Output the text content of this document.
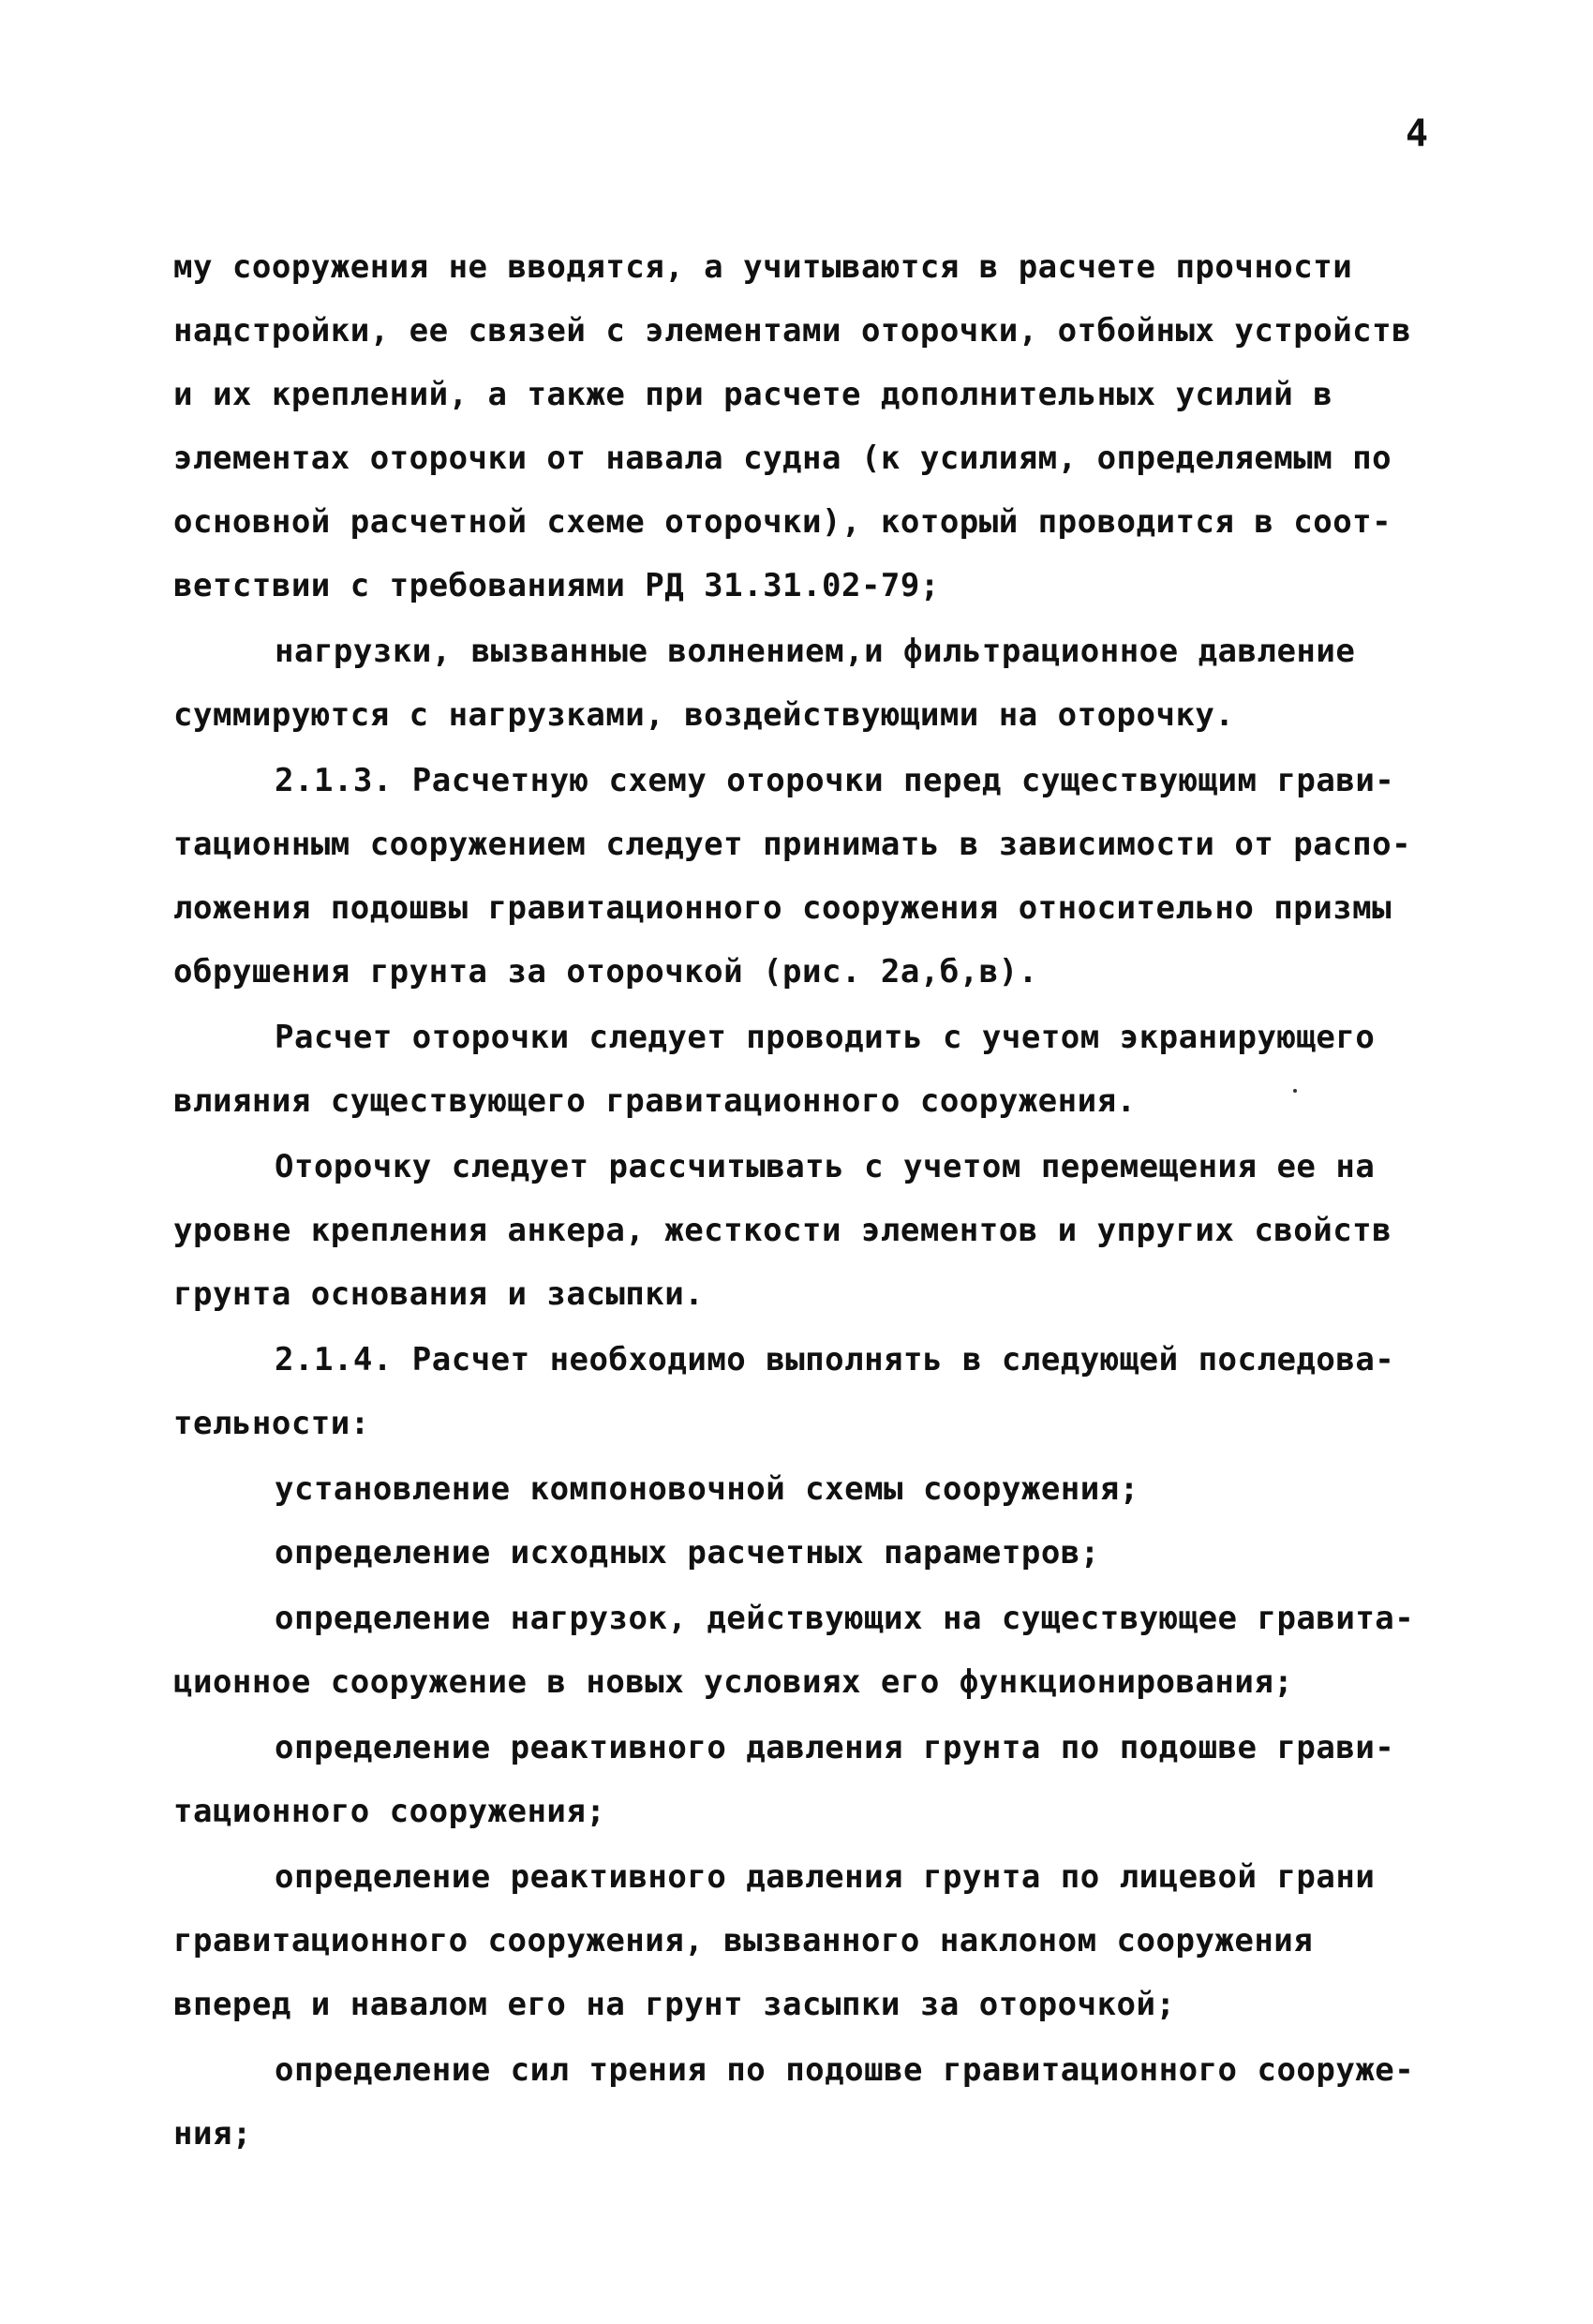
4
му сооружения не вводятся, а учитываются в расчете прочности
надстройки, ее связей с элементами оторочки, отбойных устройств
и их креплений, а также при расчете дополнительных усилий в
элементах оторочки от навала судна (к усилиям, определяемым по
основной расчетной схеме оторочки), который проводится в соот-
ветствии с требованиями РД 31.31.02-79;
нагрузки, вызванные волнением,и фильтрационное давление
суммируются с нагрузками, воздействующими на оторочку.
2.1.3. Расчетную схему оторочки перед существующим грави-
тационным сооружением следует принимать в зависимости от распо-
ложения подошвы гравитационного сооружения относительно призмы
обрушения грунта за оторочкой (рис. 2а,б,в).
Расчет оторочки следует проводить с учетом экранирующего
влияния существующего гравитационного сооружения.
Оторочку следует рассчитывать с учетом перемещения ее на
уровне крепления анкера, жесткости элементов и упругих свойств
грунта основания и засыпки.
2.1.4. Расчет необходимо выполнять в следующей последова-
тельности:
установление компоновочной схемы сооружения;
определение исходных расчетных параметров;
определение нагрузок, действующих на существующее гравита-
ционное сооружение в новых условиях его функционирования;
определение реактивного давления грунта по подошве грави-
тационного сооружения;
определение реактивного давления грунта по лицевой грани
гравитационного сооружения, вызванного наклоном сооружения
вперед и навалом его на грунт засыпки за оторочкой;
определение сил трения по подошве гравитационного сооруже-
ния;
